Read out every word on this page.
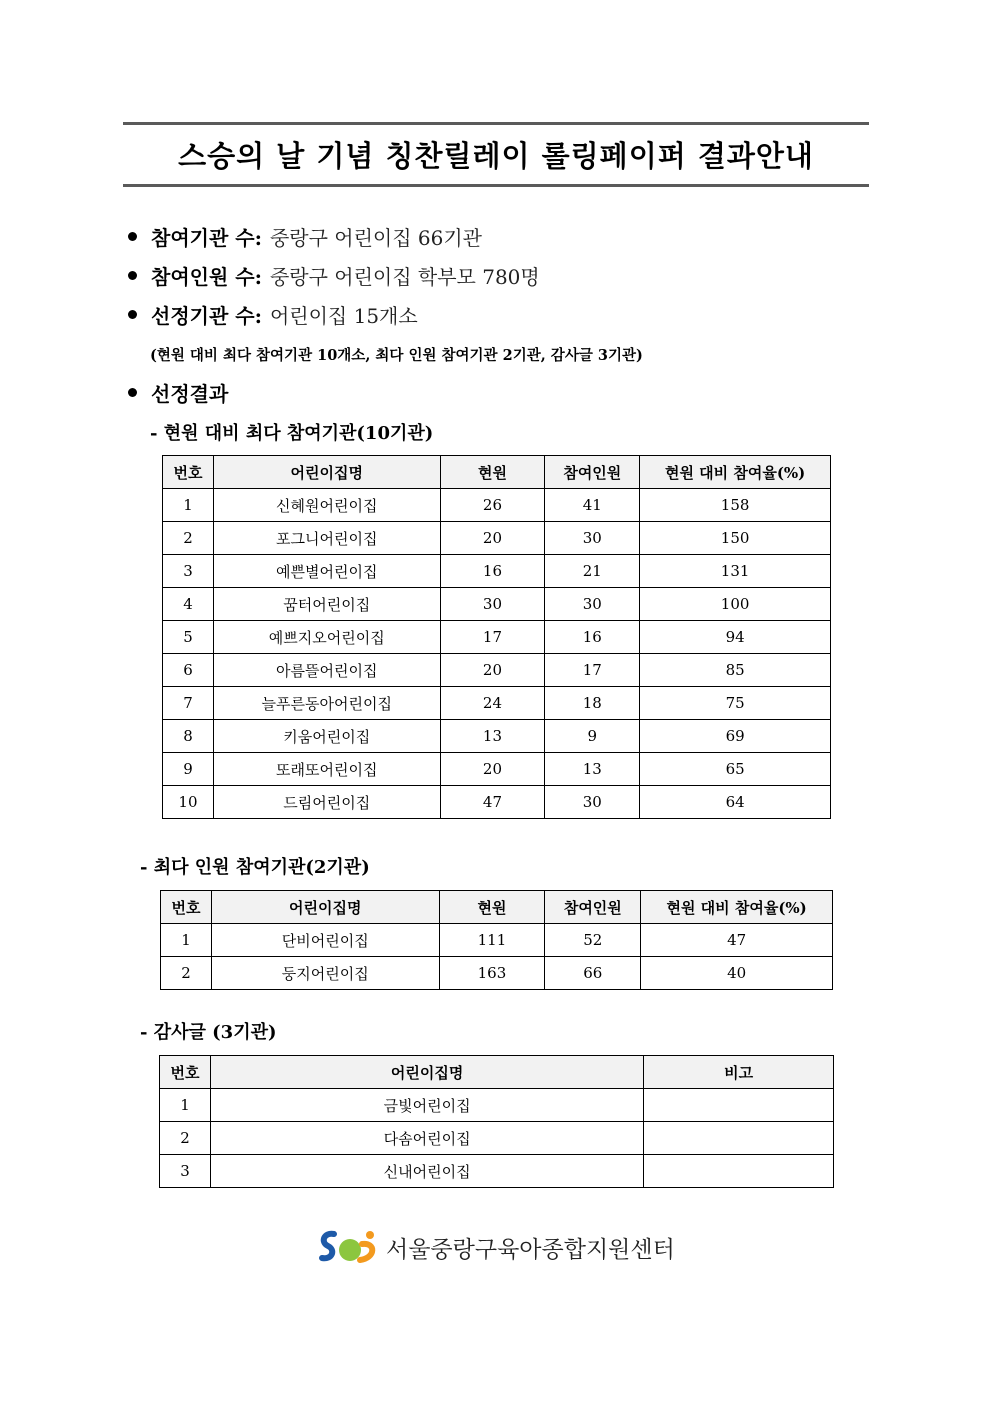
스승의 날 기념 칭찬릴레이 롤링페이퍼 결과안내
참여기관 수: 중랑구 어린이집 66기관
참여인원 수: 중랑구 어린이집 학부모 780명
선정기관 수: 어린이집 15개소
(현원 대비 최다 참여기관 10개소, 최다 인원 참여기관 2기관, 감사글 3기관)
선정결과
- 현원 대비 최다 참여기관(10기관)
번호	어린이집명	현원	참여인원	현원 대비 참여율(%)
1	신혜원어린이집	26	41	158
2	포그니어린이집	20	30	150
3	예쁜별어린이집	16	21	131
4	꿈터어린이집	30	30	100
5	예쁘지오어린이집	17	16	94
6	아름뜰어린이집	20	17	85
7	늘푸른동아어린이집	24	18	75
8	키움어린이집	13	9	69
9	또래또어린이집	20	13	65
10	드림어린이집	47	30	64
- 최다 인원 참여기관(2기관)
번호	어린이집명	현원	참여인원	현원 대비 참여율(%)
1	단비어린이집	111	52	47
2	둥지어린이집	163	66	40
- 감사글 (3기관)
번호	어린이집명	비고
1	금빛어린이집	
2	다솜어린이집	
3	신내어린이집	
서울중랑구육아종합지원센터
